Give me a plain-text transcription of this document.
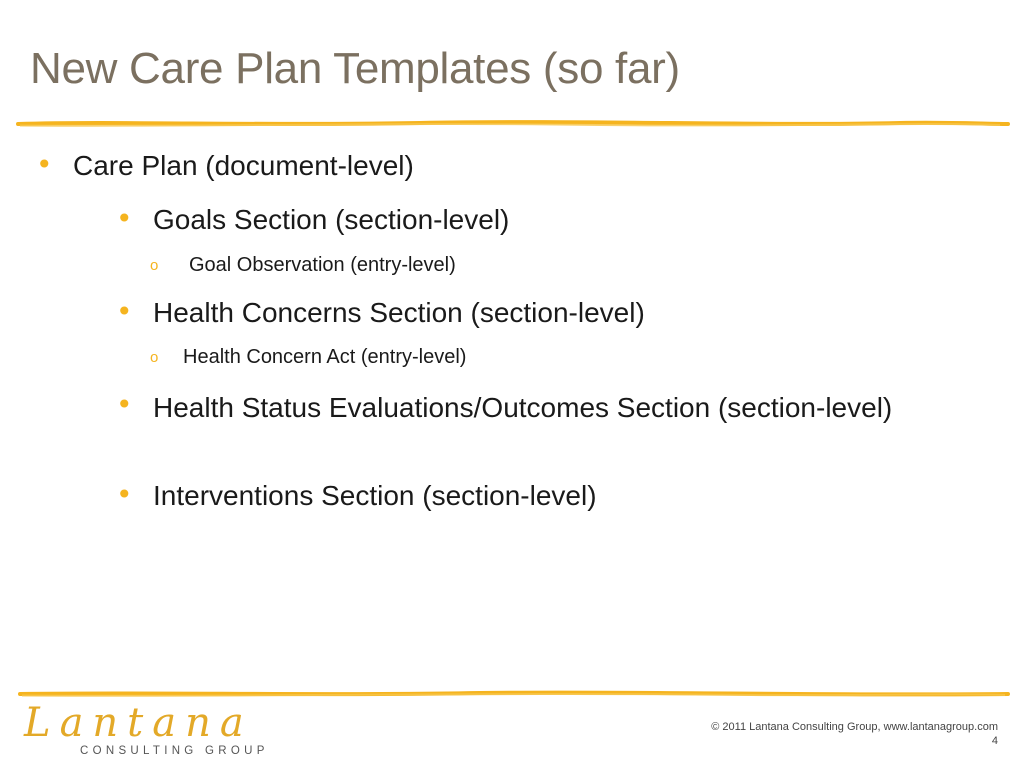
New Care Plan Templates (so far)
• Care Plan (document-level)
• Goals Section (section-level)
o Goal Observation (entry-level)
• Health Concerns Section (section-level)
o Health Concern Act (entry-level)
• Health Status Evaluations/Outcomes Section (section-level)
• Interventions Section (section-level)
Lantana
CONSULTING GROUP
© 2011 Lantana Consulting Group, www.lantanagroup.com
4
